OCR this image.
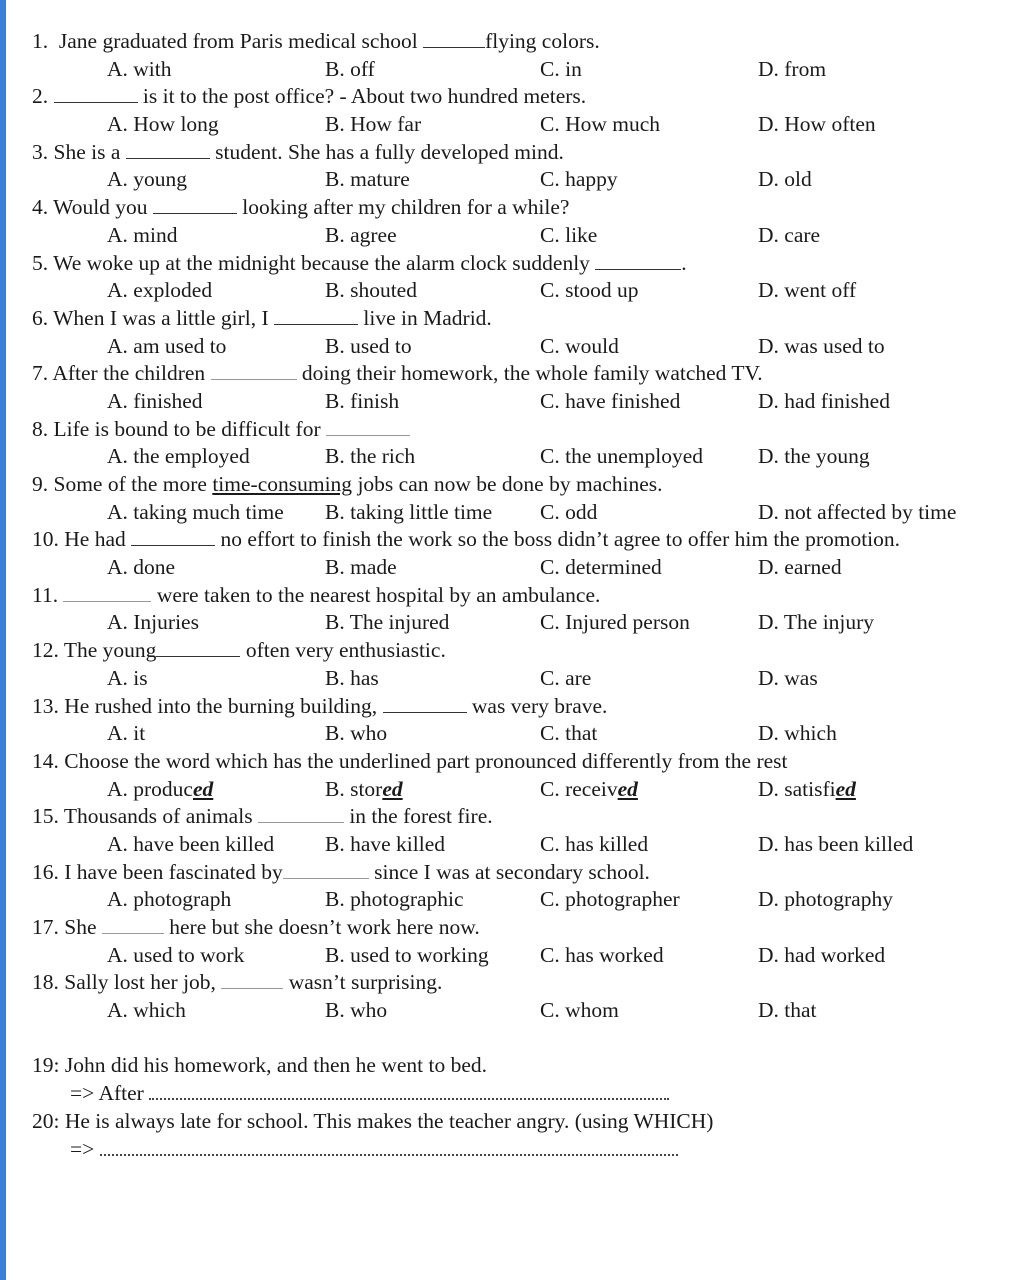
1. Jane graduated from Paris medical school	flying colors.
A. with	B. off	C. in	D. from
2.	is it to the post office? - About two hundred meters.
A. How long	B. How far	C. How much	D. How often
3. She is a	student. She has a fully developed mind.
A. young	B. mature	C. happy	D. old
4. Would you	looking after my children for a while?
A. mind	B. agree	C. like	D. care
5. We woke up at the midnight because the alarm clock suddenly	.
A. exploded	B. shouted	C. stood up	D. went off
6. When I was a little girl, I	live in Madrid.
A. am used to	B. used to	C. would	D. was used to
7. After the children	doing their homework, the whole family watched TV.
A. finished	B. finish	C. have finished	D. had finished
8. Life is bound to be difficult for
A. the employed	B. the rich	C. the unemployed	D. the young
9. Some of the more time-consuming jobs can now be done by machines.
A. taking much time B. taking little time C. odd	D. not affected by time
10. He had	no effort to finish the work so the boss didn’t agree to offer him the promotion.
A. done	B. made	C. determined	D. earned
11.	were taken to the nearest hospital by an ambulance.
A. Injuries	B. The injured	C. Injured person	D. The injury
12. The young	often very enthusiastic.
A. is	B. has	C. are	D. was
13. He rushed into the burning building,	was very brave.
A. it	B. who	C. that	D. which
14. Choose the word which has the underlined part pronounced differently from the rest
A. produced	B. stored	C. received	D. satisfied
15. Thousands of animals	in the forest fire.
A. have been killed B. have killed	C. has killed	D. has been killed
16. I have been fascinated by	since I was at secondary school.
A. photograph	B. photographic	C. photographer	D. photography
17. She	here but she doesn’t work here now.
A. used to work	B. used to working C. has worked	D. had worked
18. Sally lost her job,	wasn’t surprising.
A. which	B. who	C. whom	D. that
19: John did his homework, and then he went to bed.
=> After
20: He is always late for school. This makes the teacher angry. (using WHICH)
=>
